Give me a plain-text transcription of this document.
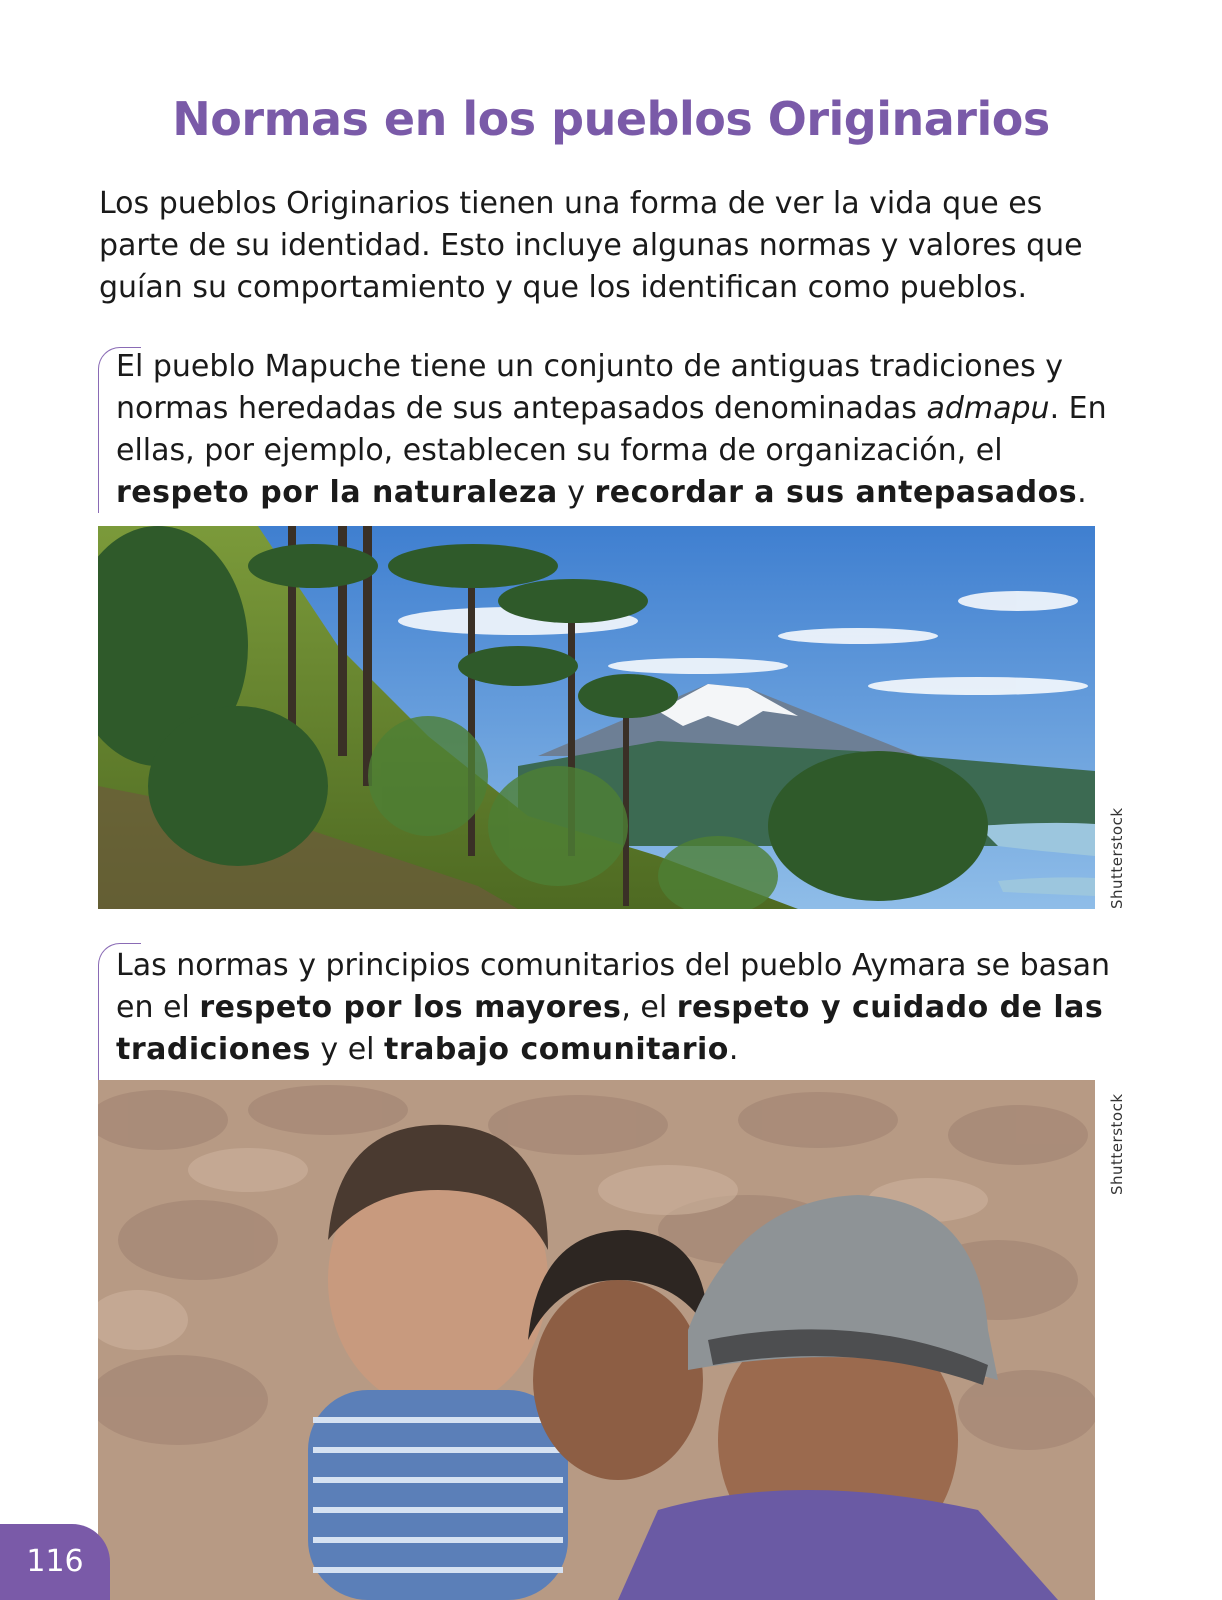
Normas en los pueblos Originarios

Los pueblos Originarios tienen una forma de ver la vida que es parte de su identidad. Esto incluye algunas normas y valores que guían su comportamiento y que los identifican como pueblos.

El pueblo Mapuche tiene un conjunto de antiguas tradiciones y normas heredadas de sus antepasados denominadas admapu. En ellas, por ejemplo, establecen su forma de organización, el respeto por la naturaleza y recordar a sus antepasados.

Shutterstock

Las normas y principios comunitarios del pueblo Aymara se basan en el respeto por los mayores, el respeto y cuidado de las tradiciones y el trabajo comunitario.

Shutterstock
116
